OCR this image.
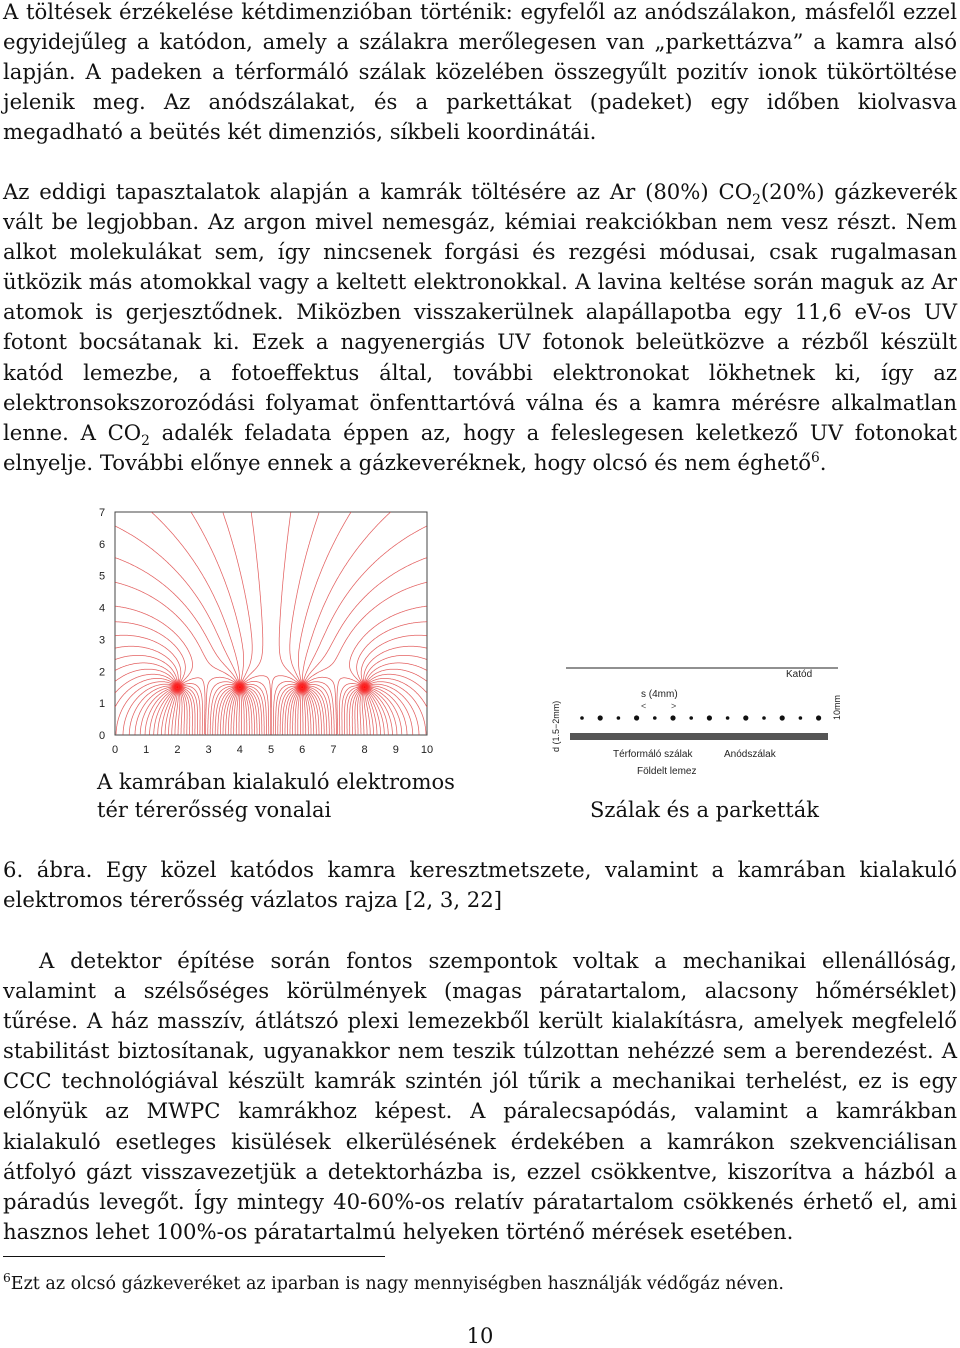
A töltések érzékelése kétdimenzióban történik: egyfelől az anódszálakon, másfelől ezzel egyidejűleg a katódon, amely a szálakra merőlegesen van „parkettázva” a kamra alsó lapján. A padeken a térformáló szálak közelében összegyűlt pozitív ionok tükörtöltése jelenik meg. Az anódszálakat, és a parkettákat (padeket) egy időben kiolvasva megadható a beütés két dimenziós, síkbeli koordinátái.

Az eddigi tapasztalatok alapján a kamrák töltésére az Ar (80%) $CO_2(20\%)$ gázkeverék vált be legjobban. Az argon mivel nemesgáz, kémiai reakciókban nem vesz részt. Nem alkot molekulákat sem, így nincsenek forgási és rezgési módusai, csak rugalmasan ütközik más atomokkal vagy a keltett elektronokkal. A lavina keltése során maguk az Ar atomok is gerjesztődnek. Miközben visszakerülnek alapállapotba egy 11,6 eV-os UV fotont bocsátanak ki. Ezek a nagyenergiás UV fotonok beleütközve a rézből készült katód lemezbe, a fotoeffektus által, további elektronokat lökhetnek ki, így az elektronsokszorozódási folyamat önfenttartóvá válna és a kamra mérésre alkalmatlan lenne. A $CO_2$ adalék feladata éppen az, hogy a feleslegesen keletkező UV fotonokat elnyelje. További előnye ennek a gázkeveréknek, hogy olcsó és nem éghető$^6$.

0 1 2 3 4 5 6 7 8 9 10
0
1
2
3
4
5
6
7

A kamrában kialakuló elektromos
tér térerősség vonalai

Katód
s (4mm)
<	>
d (1.5−2mm)	10mm
Térformáló szálak	Anódszálak
Földelt lemez

Szálak és a parketták

6. ábra. Egy közel katódos kamra keresztmetszete, valamint a kamrában kialakuló elektromos térerősség vázlatos rajza [2, 3, 22]

A detektor építése során fontos szempontok voltak a mechanikai ellenállóság, valamint a szélsőséges körülmények (magas páratartalom, alacsony hőmérséklet) tűrése. A ház masszív, átlátszó plexi lemezekből került kialakításra, amelyek megfelelő stabilitást biztosítanak, ugyanakkor nem teszik túlzottan nehézzé sem a berendezést. A CCC technológiával készült kamrák szintén jól tűrik a mechanikai terhelést, ez is egy előnyük az MWPC kamrákhoz képest. A páralecsapódás, valamint a kamrákban kialakuló esetleges kisülések elkerülésének érdekében a kamrákon szekvenciálisan átfolyó gázt visszavezetjük a detektorházba is, ezzel csökkentve, kiszorítva a házból a páradús levegőt. Így mintegy 40-60%-os relatív páratartalom csökkenés érhető el, ami hasznos lehet 100%-os páratartalmú helyeken történő mérések esetében.

$^6$Ezt az olcsó gázkeveréket az iparban is nagy mennyiségben használják védőgáz néven.

10
